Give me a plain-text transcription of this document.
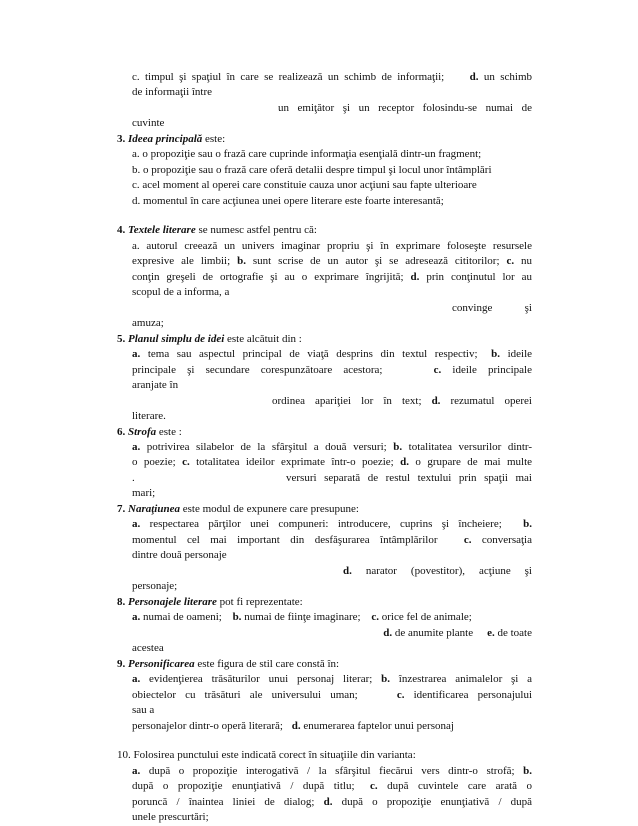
c. timpul şi spaţiul în care se realizează un schimb de informaţii; d. un schimb
de informaţii între
un emiţător şi un receptor folosindu-se numai de
cuvinte
3. Ideea principală este:
a. o propoziţie sau o frază care cuprinde informaţia esenţială dintr-un fragment;
b. o propoziţie sau o frază care oferă detalii despre timpul şi locul unor întâmplări
c. acel moment al operei care constituie cauza unor acţiuni sau fapte ulterioare
d. momentul în care acţiunea unei opere literare este foarte interesantă;
4. Textele literare se numesc astfel pentru că:
a. autorul creează un univers imaginar propriu şi în exprimare foloseşte resursele
expresive ale limbii; b. sunt scrise de un autor şi se adresează cititorilor; c. nu
conţin greşeli de ortografie şi au o exprimare îngrijită; d. prin conţinutul lor au
scopul de a informa, a
convinge şi
amuza;
5. Planul simplu de idei este alcătuit din :
a. tema sau aspectul principal de viaţă desprins din textul respectiv; b. ideile
principale şi secundare corespunzătoare acestora;	c. ideile principale
aranjate în
ordinea apariţiei lor în text; d. rezumatul operei
literare.
6. Strofa este :
a. potrivirea silabelor de la sfârşitul a două versuri; b. totalitatea versurilor dintr-
o poezie; c. totalitatea ideilor exprimate într-o poezie; d. o grupare de mai multe
.	versuri separată de restul textului prin spaţii mai
mari;
7. Naraţiunea este modul de expunere care presupune:
a. respectarea părţilor unei compuneri: introducere, cuprins şi încheiere; b.
momentul cel mai important din desfăşurarea întâmplărilor c. conversaţia
dintre două personaje
d. narator (povestitor), acţiune şi
personaje;
8. Personajele literare pot fi reprezentate:
a. numai de oameni; b. numai de fiinţe imaginare; c. orice fel de animale;
d. de anumite plante e. de toate
acestea
9. Personificarea este figura de stil care constă în:
a. evidenţierea trăsăturilor unui personaj literar; b. înzestrarea animalelor şi a
obiectelor cu trăsături ale universului uman;	c. identificarea personajului
sau a
personajelor dintr-o operă literară; d. enumerarea faptelor unui personaj
10. Folosirea punctului este indicată corect în situaţiile din varianta:
a. după o propoziţie interogativă / la sfârşitul fiecărui vers dintr-o strofă; b.
după o propoziţie enunţiativă / după titlu; c. după cuvintele care arată o
poruncă / înaintea liniei de dialog; d. după o propoziţie enunţiativă / după
unele prescurtări;
